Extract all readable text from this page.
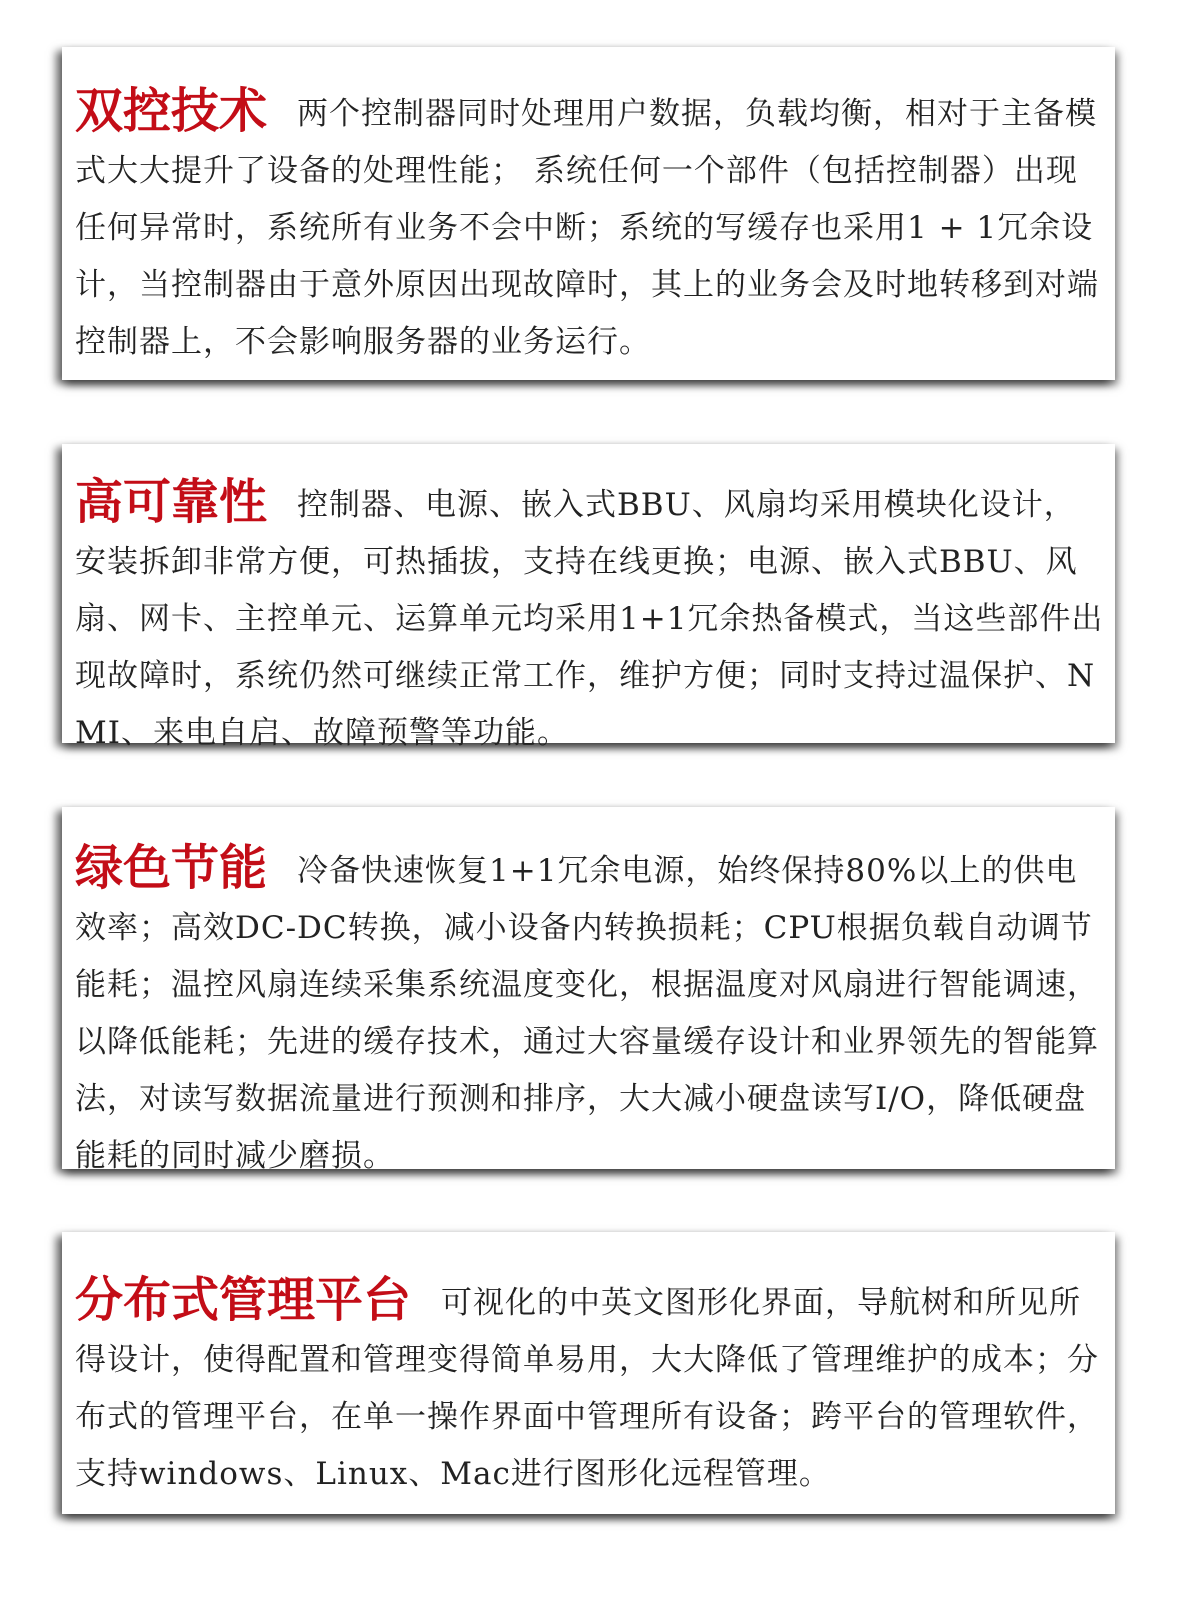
双控技术 两个控制器同时处理用户数据，负载均衡，相对于主备模式大大提升了设备的处理性能； 系统任何一个部件（包括控制器）出现任何异常时，系统所有业务不会中断；系统的写缓存也采用1 + 1冗余设计，当控制器由于意外原因出现故障时，其上的业务会及时地转移到对端控制器上，不会影响服务器的业务运行。

高可靠性 控制器、电源、嵌入式BBU、风扇均采用模块化设计，安装拆卸非常方便，可热插拔，支持在线更换；电源、嵌入式BBU、风扇、网卡、主控单元、运算单元均采用1+1冗余热备模式，当这些部件出现故障时，系统仍然可继续正常工作，维护方便；同时支持过温保护、NMI、来电自启、故障预警等功能。

绿色节能 冷备快速恢复1+1冗余电源，始终保持80%以上的供电效率；高效DC-DC转换，减小设备内转换损耗；CPU根据负载自动调节能耗；温控风扇连续采集系统温度变化，根据温度对风扇进行智能调速，以降低能耗；先进的缓存技术，通过大容量缓存设计和业界领先的智能算法，对读写数据流量进行预测和排序，大大减小硬盘读写I/O，降低硬盘能耗的同时减少磨损。

分布式管理平台 可视化的中英文图形化界面，导航树和所见所得设计，使得配置和管理变得简单易用，大大降低了管理维护的成本；分布式的管理平台，在单一操作界面中管理所有设备；跨平台的管理软件，支持windows、Linux、Mac进行图形化远程管理。
